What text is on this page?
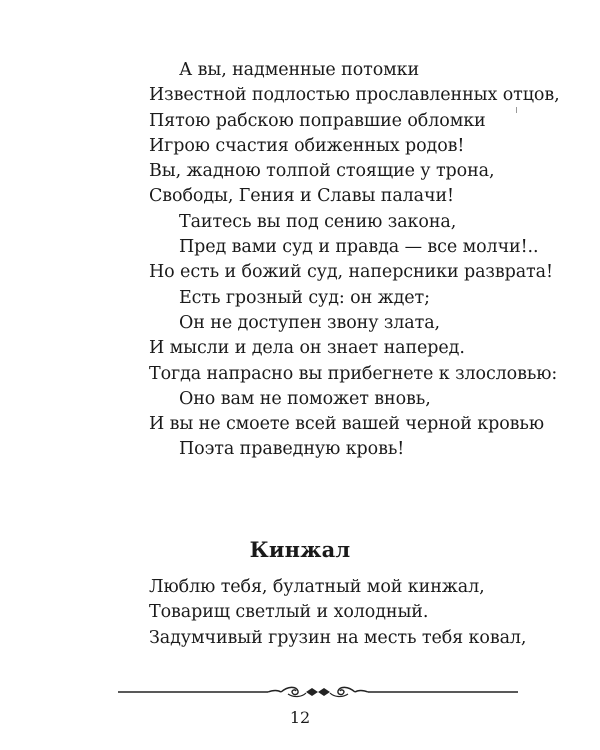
А вы, надменные потомки
Известной подлостью прославленных отцов,
Пятою рабскою поправшие обломки
Игрою счастия обиженных родов!
Вы, жадною толпой стоящие у трона,
Свободы, Гения и Славы палачи!
Таитесь вы под сению закона,
Пред вами суд и правда — все молчи!..
Но есть и божий суд, наперсники разврата!
Есть грозный суд: он ждет;
Он не доступен звону злата,
И мысли и дела он знает наперед.
Тогда напрасно вы прибегнете к злословью:
Оно вам не поможет вновь,
И вы не смоете всей вашей черной кровью
Поэта праведную кровь!
Кинжал
Люблю тебя, булатный мой кинжал,
Товарищ светлый и холодный.
Задумчивый грузин на месть тебя ковал,
12
